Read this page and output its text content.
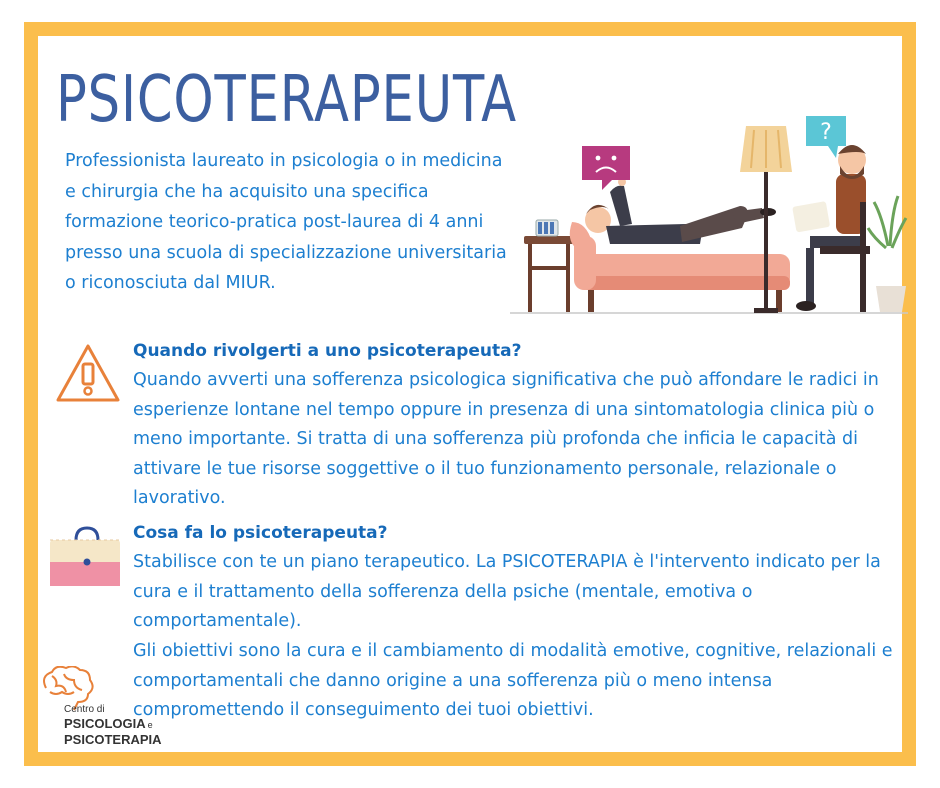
PSICOTERAPEUTA

Professionista laureato in psicologia o in medicina e chirurgia che ha acquisito una specifica formazione teorico-pratica post-laurea di 4 anni presso una scuola di specializzazione universitaria o riconosciuta dal MIUR.

?
Quando rivolgerti a uno psicoterapeuta?

Quando avverti una sofferenza psicologica significativa che può affondare le radici in esperienze lontane nel tempo oppure in presenza di una sintomatologia clinica più o meno importante. Si tratta di una sofferenza più profonda che inficia le capacità di attivare le tue risorse soggettive o il tuo funzionamento personale, relazionale o lavorativo.

Cosa fa lo psicoterapeuta?

Stabilisce con te un piano terapeutico. La PSICOTERAPIA è l'intervento indicato per la cura e il trattamento della sofferenza della psiche (mentale, emotiva o comportamentale).

Gli obiettivi sono la cura e il cambiamento di modalità emotive, cognitive, relazionali e comportamentali che danno origine a una sofferenza più o meno intensa compromettendo il conseguimento dei tuoi obiettivi.

Centro di
PSICOLOGIA e
PSICOTERAPIA
